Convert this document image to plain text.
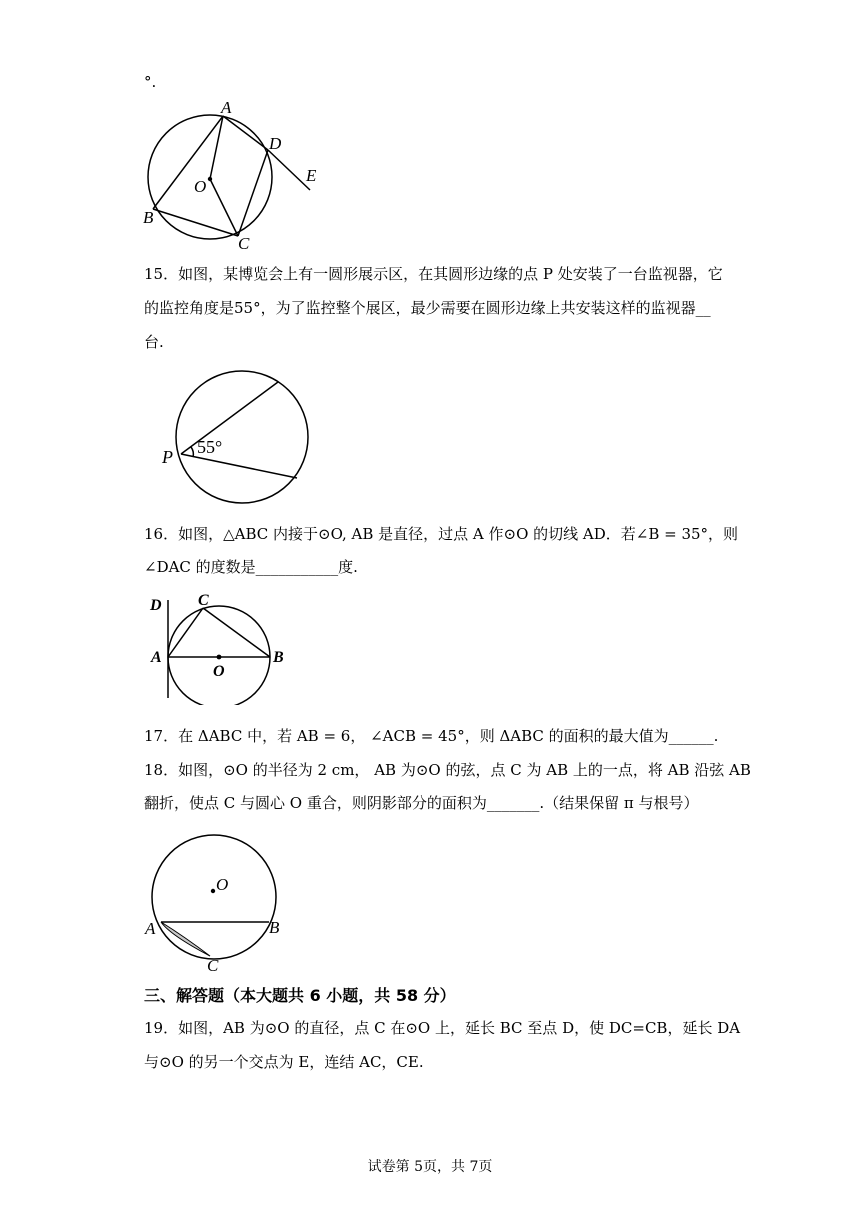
°.
A
D
O
E
B
C
15．如图，某博览会上有一圆形展示区，在其圆形边缘的点 P 处安装了一台监视器，它
的监控角度是55°，为了监控整个展区，最少需要在圆形边缘上共安装这样的监视器__
台.
P 55°
16．如图，△ABC 内接于⊙O, AB 是直径，过点 A 作⊙O 的切线 AD．若∠B = 35°，则
∠DAC 的度数是___________度.
D C
A
O
B
17．在 ΔABC 中，若 AB = 6， ∠ACB = 45°，则 ΔABC 的面积的最大值为______.
18．如图，⊙O 的半径为 2 cm， AB 为⊙O 的弦，点 C 为 AB 上的一点，将 AB 沿弦 AB
翻折，使点 C 与圆心 O 重合，则阴影部分的面积为_______.（结果保留 π 与根号）
O
A	B
C
三、解答题（本大题共 6 小题，共 58 分）
19．如图，AB 为⊙O 的直径，点 C 在⊙O 上，延长 BC 至点 D，使 DC=CB，延长 DA
与⊙O 的另一个交点为 E，连结 AC，CE.
试卷第 5页，共 7页
